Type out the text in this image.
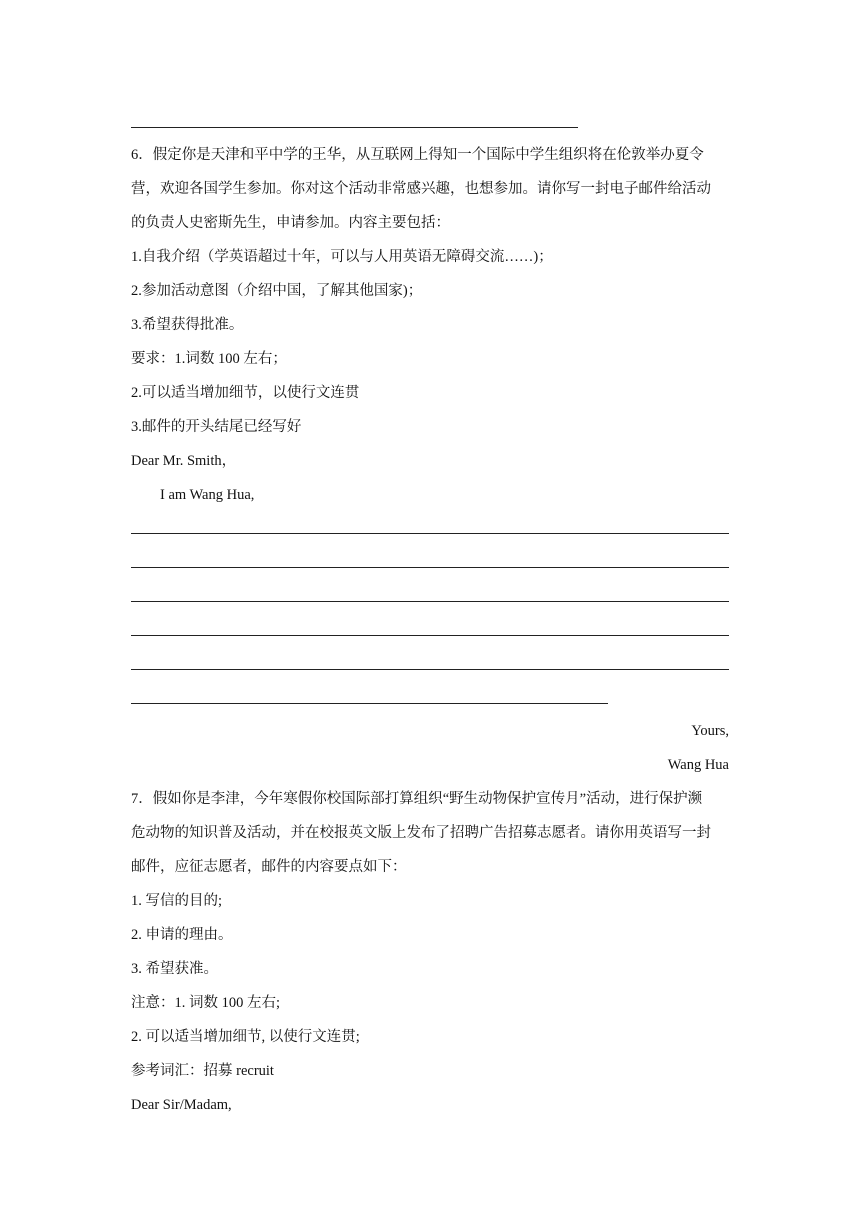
6．假定你是天津和平中学的王华，从互联网上得知一个国际中学生组织将在伦敦举办夏令
营，欢迎各国学生参加。你对这个活动非常感兴趣，也想参加。请你写一封电子邮件给活动
的负责人史密斯先生，申请参加。内容主要包括：
1.自我介绍（学英语超过十年，可以与人用英语无障碍交流……)；
2.参加活动意图（介绍中国，了解其他国家)；
3.希望获得批准。
要求：1.词数 100 左右；
2.可以适当增加细节，以使行文连贯
3.邮件的开头结尾已经写好
Dear Mr. Smith，
I am Wang Hua,
Yours,
Wang Hua
7．假如你是李津，今年寒假你校国际部打算组织“野生动物保护宣传月”活动，进行保护濒
危动物的知识普及活动，并在校报英文版上发布了招聘广告招募志愿者。请你用英语写一封
邮件，应征志愿者，邮件的内容要点如下：
1. 写信的目的;
2. 申请的理由。
3. 希望获准。
注意：1. 词数 100 左右;
2. 可以适当增加细节, 以使行文连贯;
参考词汇：招募 recruit
Dear Sir/Madam,
